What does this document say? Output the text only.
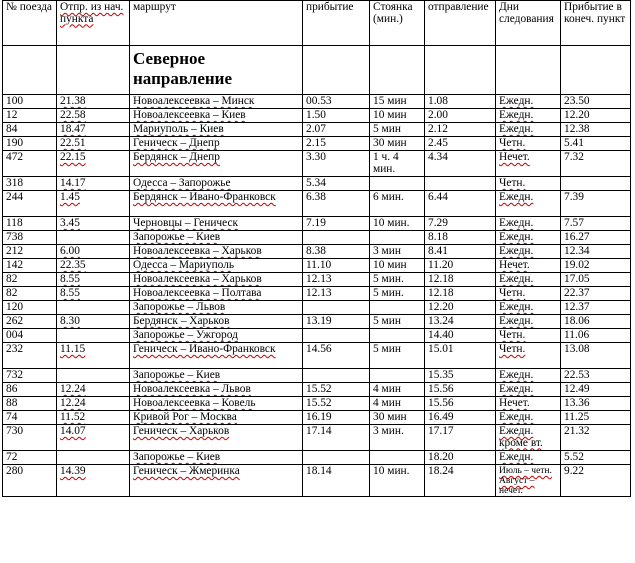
№ поезда	Отпр. из нач. пункта	маршрут	прибытие	Стоянка (мин.)	отправление	Дни следования	Прибытие в конеч. пункт
		Северное направление					
100	21.38	Новоалексеевка – Минск	00.53	15 мин	1.08	Ежедн.	23.50
12	22.58	Новоалексеевка – Киев	1.50	10 мин	2.00	Ежедн.	12.20
84	18.47	Мариуполь – Киев	2.07	5 мин	2.12	Ежедн.	12.38
190	22.51	Геническ – Днепр	2.15	30 мин	2.45	Четн.	5.41
472	22.15	Бердянск – Днепр	3.30	1 ч. 4 мин.	4.34	Нечет.	7.32
318	14.17	Одесса – Запорожье	5.34			Четн.	
244	1.45	Бердянск – Ивано-Франковск	6.38	6 мин.	6.44	Ежедн.	7.39
118	3.45	Черновцы – Геническ	7.19	10 мин.	7.29	Ежедн.	7.57
738		Запорожье – Киев			8.18	Ежедн.	16.27
212	6.00	Новоалексеевка – Харьков	8.38	3 мин	8.41	Ежедн.	12.34
142	22.35	Одесса – Мариуполь	11.10	10 мин	11.20	Нечет.	19.02
82	8.55	Новоалексеевка – Харьков	12.13	5 мин.	12.18	Ежедн.	17.05
82	8.55	Новоалексеевка – Полтава	12.13	5 мин.	12.18	Четн.	22.37
120		Запорожье – Львов			12.20	Ежедн.	12.37
262	8.30	Бердянск – Харьков	13.19	5 мин	13.24	Ежедн.	18.06
004		Запорожье – Ужгород			14.40	Четн.	11.06
232	11.15	Геническ – Ивано-Франковск	14.56	5 мин	15.01	Четн.	13.08
732		Запорожье – Киев			15.35	Ежедн.	22.53
86	12.24	Новоалексеевка – Львов	15.52	4 мин	15.56	Ежедн.	12.49
88	12.24	Новоалексеевка – Ковель	15.52	4 мин	15.56	Нечет.	13.36
74	11.52	Кривой Рог – Москва	16.19	30 мин	16.49	Ежедн.	11.25
730	14.07	Геническ – Харьков	17.14	3 мин.	17.17	Ежедн. кроме вт.	21.32
72		Запорожье – Киев			18.20	Ежедн.	5.52
280	14.39	Геническ – Жмеринка	18.14	10 мин.	18.24	Июль – четн. Август – нечет.	9.22
